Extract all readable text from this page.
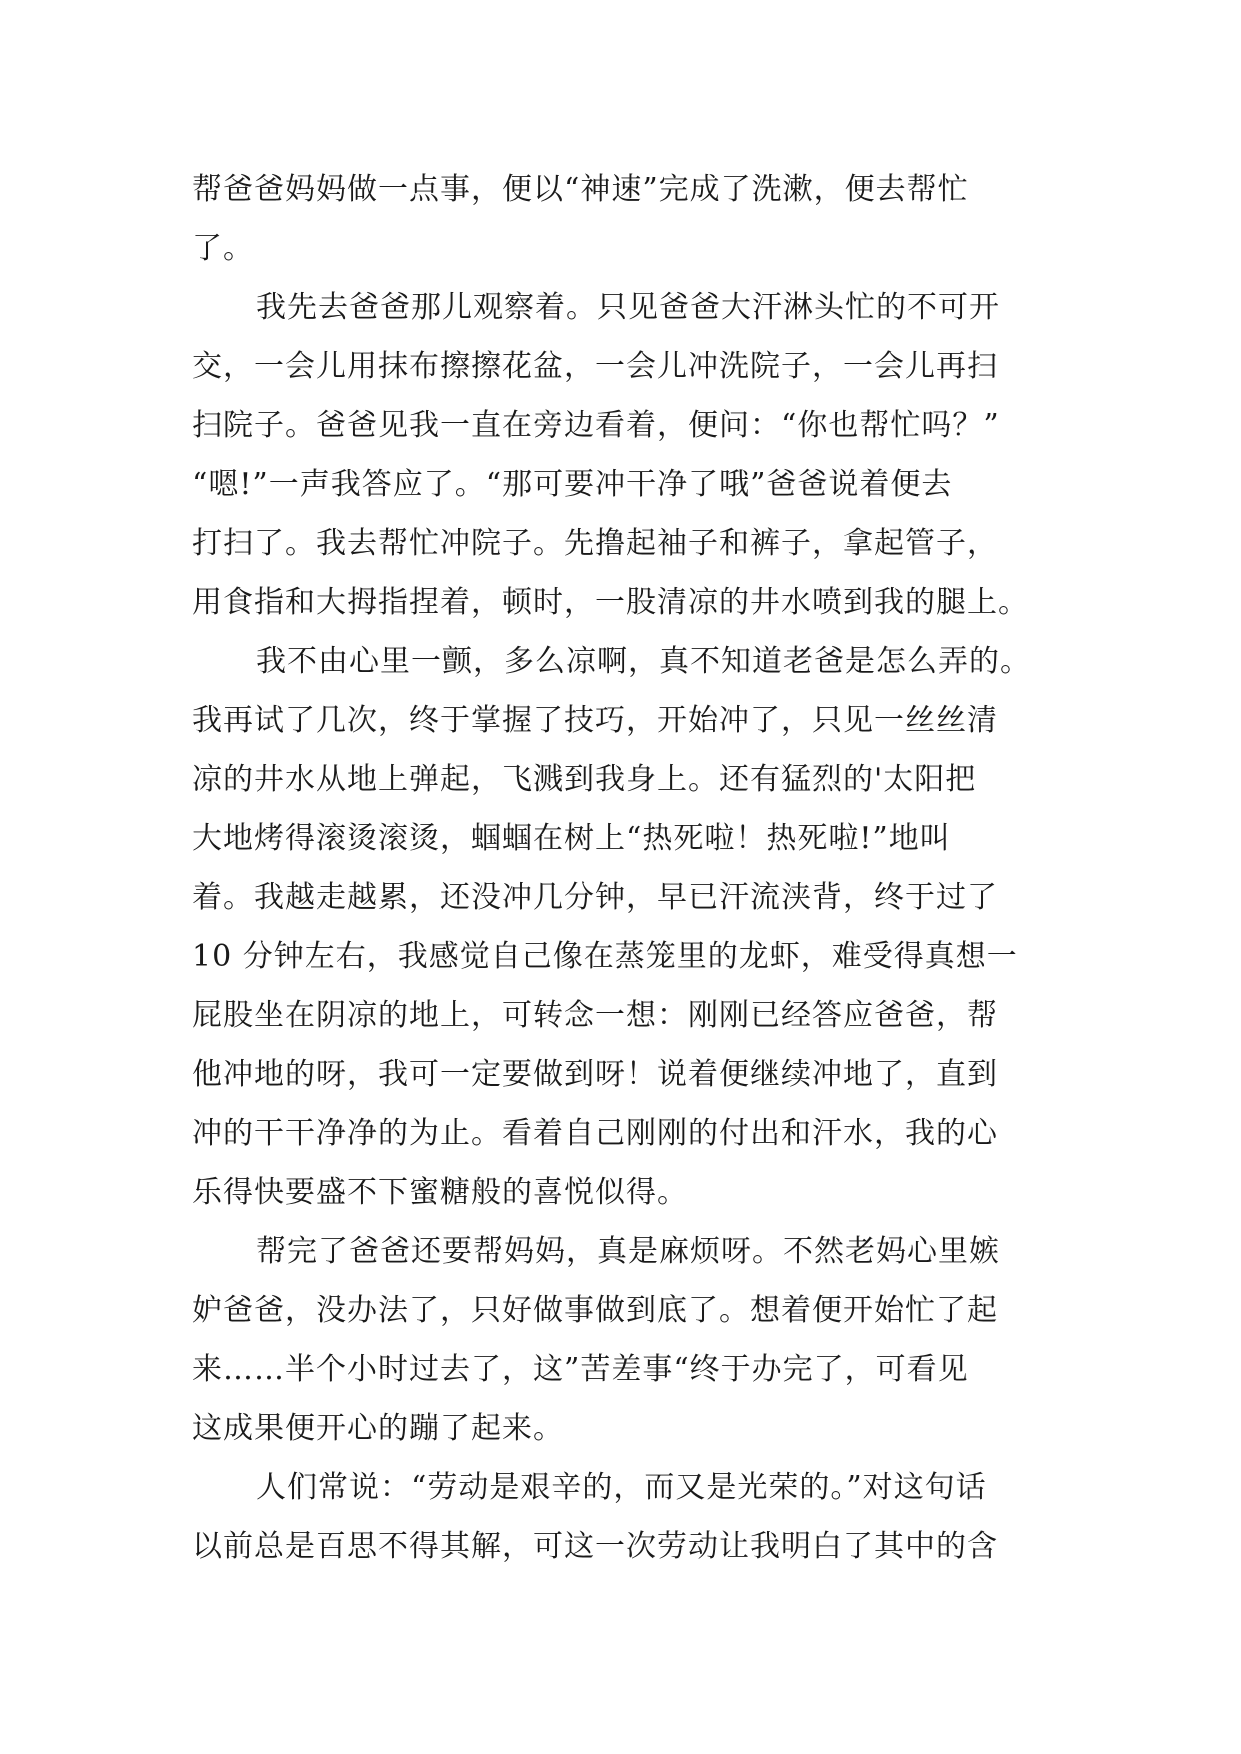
帮爸爸妈妈做一点事，便以“神速”完成了洗漱，便去帮忙
了。
我先去爸爸那儿观察着。只见爸爸大汗淋头忙的不可开
交，一会儿用抹布擦擦花盆，一会儿冲洗院子，一会儿再扫
扫院子。爸爸见我一直在旁边看着，便问：“你也帮忙吗？”
“嗯!”一声我答应了。“那可要冲干净了哦”爸爸说着便去
打扫了。我去帮忙冲院子。先撸起袖子和裤子，拿起管子，
用食指和大拇指捏着，顿时，一股清凉的井水喷到我的腿上。
我不由心里一颤，多么凉啊，真不知道老爸是怎么弄的。
我再试了几次，终于掌握了技巧，开始冲了，只见一丝丝清
凉的井水从地上弹起，飞溅到我身上。还有猛烈的'太阳把
大地烤得滚烫滚烫，蝈蝈在树上“热死啦！热死啦!”地叫
着。我越走越累，还没冲几分钟，早已汗流浃背，终于过了
10 分钟左右，我感觉自己像在蒸笼里的龙虾，难受得真想一
屁股坐在阴凉的地上，可转念一想：刚刚已经答应爸爸，帮
他冲地的呀，我可一定要做到呀！说着便继续冲地了，直到
冲的干干净净的为止。看着自己刚刚的付出和汗水，我的心
乐得快要盛不下蜜糖般的喜悦似得。
帮完了爸爸还要帮妈妈，真是麻烦呀。不然老妈心里嫉
妒爸爸，没办法了，只好做事做到底了。想着便开始忙了起
来……半个小时过去了，这”苦差事“终于办完了，可看见
这成果便开心的蹦了起来。
人们常说：“劳动是艰辛的，而又是光荣的。”对这句话
以前总是百思不得其解，可这一次劳动让我明白了其中的含
